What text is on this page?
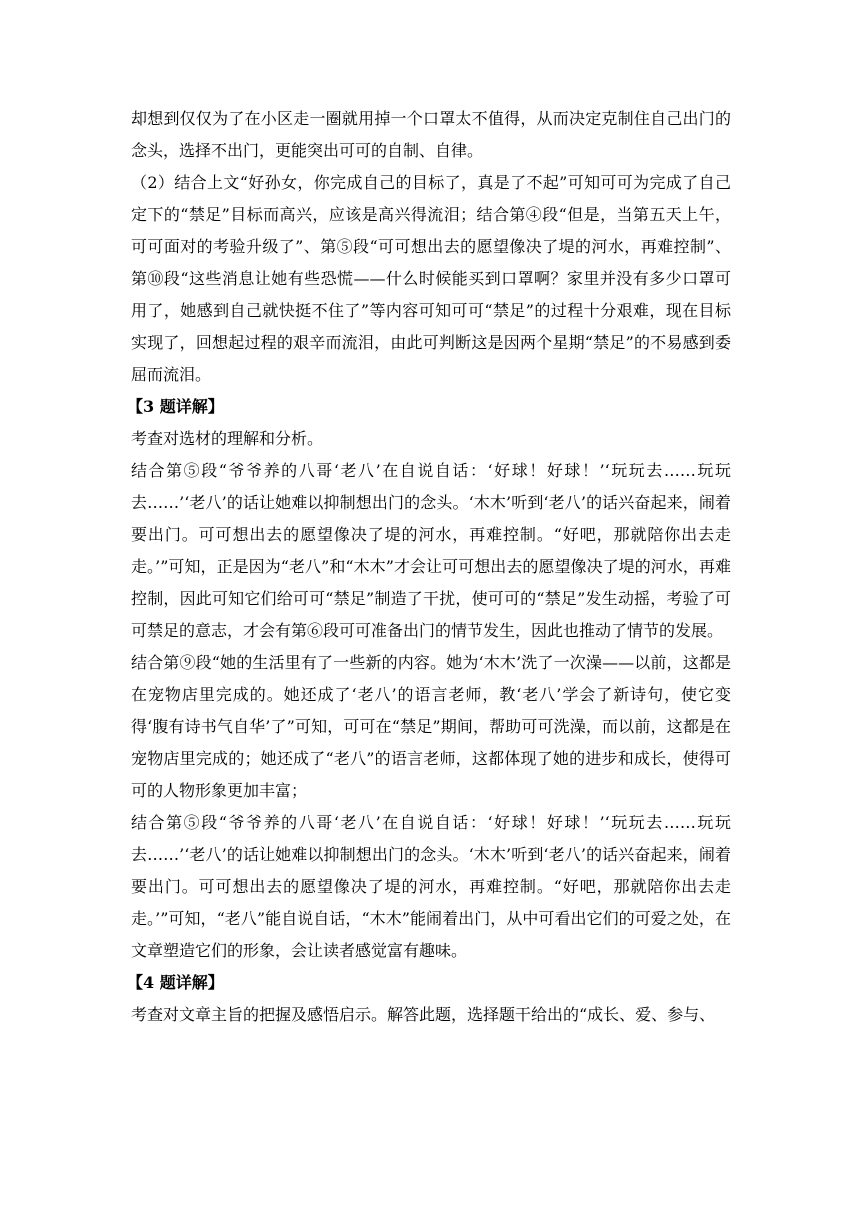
却想到仅仅为了在小区走一圈就用掉一个口罩太不值得，从而决定克制住自己出门的念头，选择不出门，更能突出可可的自制、自律。

（2）结合上文“好孙女，你完成自己的目标了，真是了不起”可知可可为完成了自己定下的“禁足”目标而高兴，应该是高兴得流泪；结合第④段“但是，当第五天上午，可可面对的考验升级了”、第⑤段“可可想出去的愿望像决了堤的河水，再难控制”、第⑩段“这些消息让她有些恐慌——什么时候能买到口罩啊？家里并没有多少口罩可用了，她感到自己就快挺不住了”等内容可知可可“禁足”的过程十分艰难，现在目标实现了，回想起过程的艰辛而流泪，由此可判断这是因两个星期“禁足”的不易感到委屈而流泪。

【3 题详解】

考查对选材的理解和分析。

结合第⑤段“爷爷养的八哥‘老八’在自说自话：‘好球！好球！’‘玩玩去……玩玩去……’‘老八’的话让她难以抑制想出门的念头。‘木木’听到‘老八’的话兴奋起来，闹着要出门。可可想出去的愿望像决了堤的河水，再难控制。“好吧，那就陪你出去走走。’”可知，正是因为“老八”和“木木”才会让可可想出去的愿望像决了堤的河水，再难控制，因此可知它们给可可“禁足”制造了干扰，使可可的“禁足”发生动摇，考验了可可禁足的意志，才会有第⑥段可可准备出门的情节发生，因此也推动了情节的发展。

结合第⑨段“她的生活里有了一些新的内容。她为‘木木’洗了一次澡——以前，这都是在宠物店里完成的。她还成了‘老八’的语言老师，教‘老八’学会了新诗句，使它变得‘腹有诗书气自华’了”可知，可可在“禁足”期间，帮助可可洗澡，而以前，这都是在宠物店里完成的；她还成了“老八”的语言老师，这都体现了她的进步和成长，使得可可的人物形象更加丰富；

结合第⑤段“爷爷养的八哥‘老八’在自说自话：‘好球！好球！’‘玩玩去……玩玩去……’‘老八’的话让她难以抑制想出门的念头。‘木木’听到‘老八’的话兴奋起来，闹着要出门。可可想出去的愿望像决了堤的河水，再难控制。“好吧，那就陪你出去走走。’”可知，“老八”能自说自话，“木木”能闹着出门，从中可看出它们的可爱之处，在文章塑造它们的形象，会让读者感觉富有趣味。

【4 题详解】

考查对文章主旨的把握及感悟启示。解答此题，选择题干给出的“成长、爱、参与、
